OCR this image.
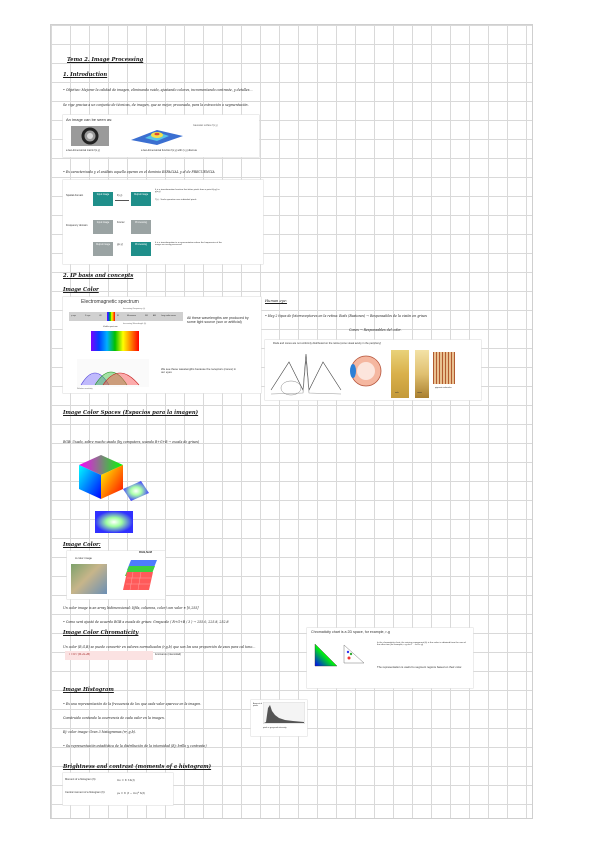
Tema 2. Image Processing
1. Introduction
• Objetivo: Mejorar la calidad de imagen, eliminando ruido, ajustando colores, incrementando contraste, y detalles…
Se rige gracias a un conjunto de técnicas, de imagen, que se mejor, procesada, para la extracción o segmentación.
An image can be seen as:
Gaussian surface f(x,y)
a two-dimensional matrix f(x,y)	a two-dimensional function f(x,y) with (x,y) discrete
• Es caracterizado y el análisis aquello operan en el dominio ESPACIAL y el de FRECUENCIA
Spatial domain
Frequency domain
Input image	f(x,y)	Output image
It is a transformation function that takes pixels from a point f(x,y) to g(x,y)
T(r) · Scale operation over individual pixels
Input image	Fourier	Processing
Output image	Processing	It is a transformation to a representation where the frequencies of the image are easily processed
g(x,y)
2. IP basis and concepts
Image Color
Electromagnetic spectrum
Increasing Frequency (ν)
γ rays	X rays	UV	IR	Microwave	FM	AM	Long radio waves
Increasing Wavelength (λ)
Visible spectrum
Relative sensitivity
All these wavelengths are produced by some light source (sun or artificial)
We see these wavelengths because the receptors (cones) in our eyes
Human eye:
• Hay 2 tipos de fotorreceptores en la retina: Rods (Bastones) → Responsables de la visión en grises
Cones → Responsables del color.
Rods and cones are not uniformly distributed on the retina (cone visual acuity in the periphery)
rods	cones
pigment molecules
Image Color Spaces (Espacios para la imagen)
RGB: Usado, sobre mucho usado (by computers, usando R+G+B → escala de grises)
Image Color:
A color image
RGB,NxM
Un color image is an array bidimensional: I(fila, columna, color) con valor ∈ [0,255]
• Como será ajustó de acuerdo RGB a escala de grises: Grayscale ( R+G+B / 3 ) → 255.0, 225.8, 252.8
Image Color Chromaticity
Un color (R,G,B) se puede convertir en valores normalizados (r,g,b) que son los una proporción de esos para cal tono…
r = R / (R+G+B)	luminance (intensidad)
Chromaticity chart is a 2D space, for example, r-g
In the chromaticity chart, the missing component (b) is the value is obtained from the sum of the other two (for example, r+g+b=1 → b=1-r-g)
The representation is useful to segment regions based on their color.
Image Histogram
• Es una representación de la frecuencia de los que cada valor aparece en la imagen.
Construido contando la ocurrencia de cada valor en la imagen.
Ej: color image: Gran 3 histogramas (rr, g,b).
• Su representación estadística de la distribución de la intensidad (Ej: brillo y contraste)
Amount of pixels
pixel or grayscale intensity
Brightness and contrast (moments of a histogram)
Moment of a histogram (h):	m₁ = Σ f·h(f)
Central moment of a histogram (h):	μₖ = Σ (f − m₁)ᵏ h(f)
